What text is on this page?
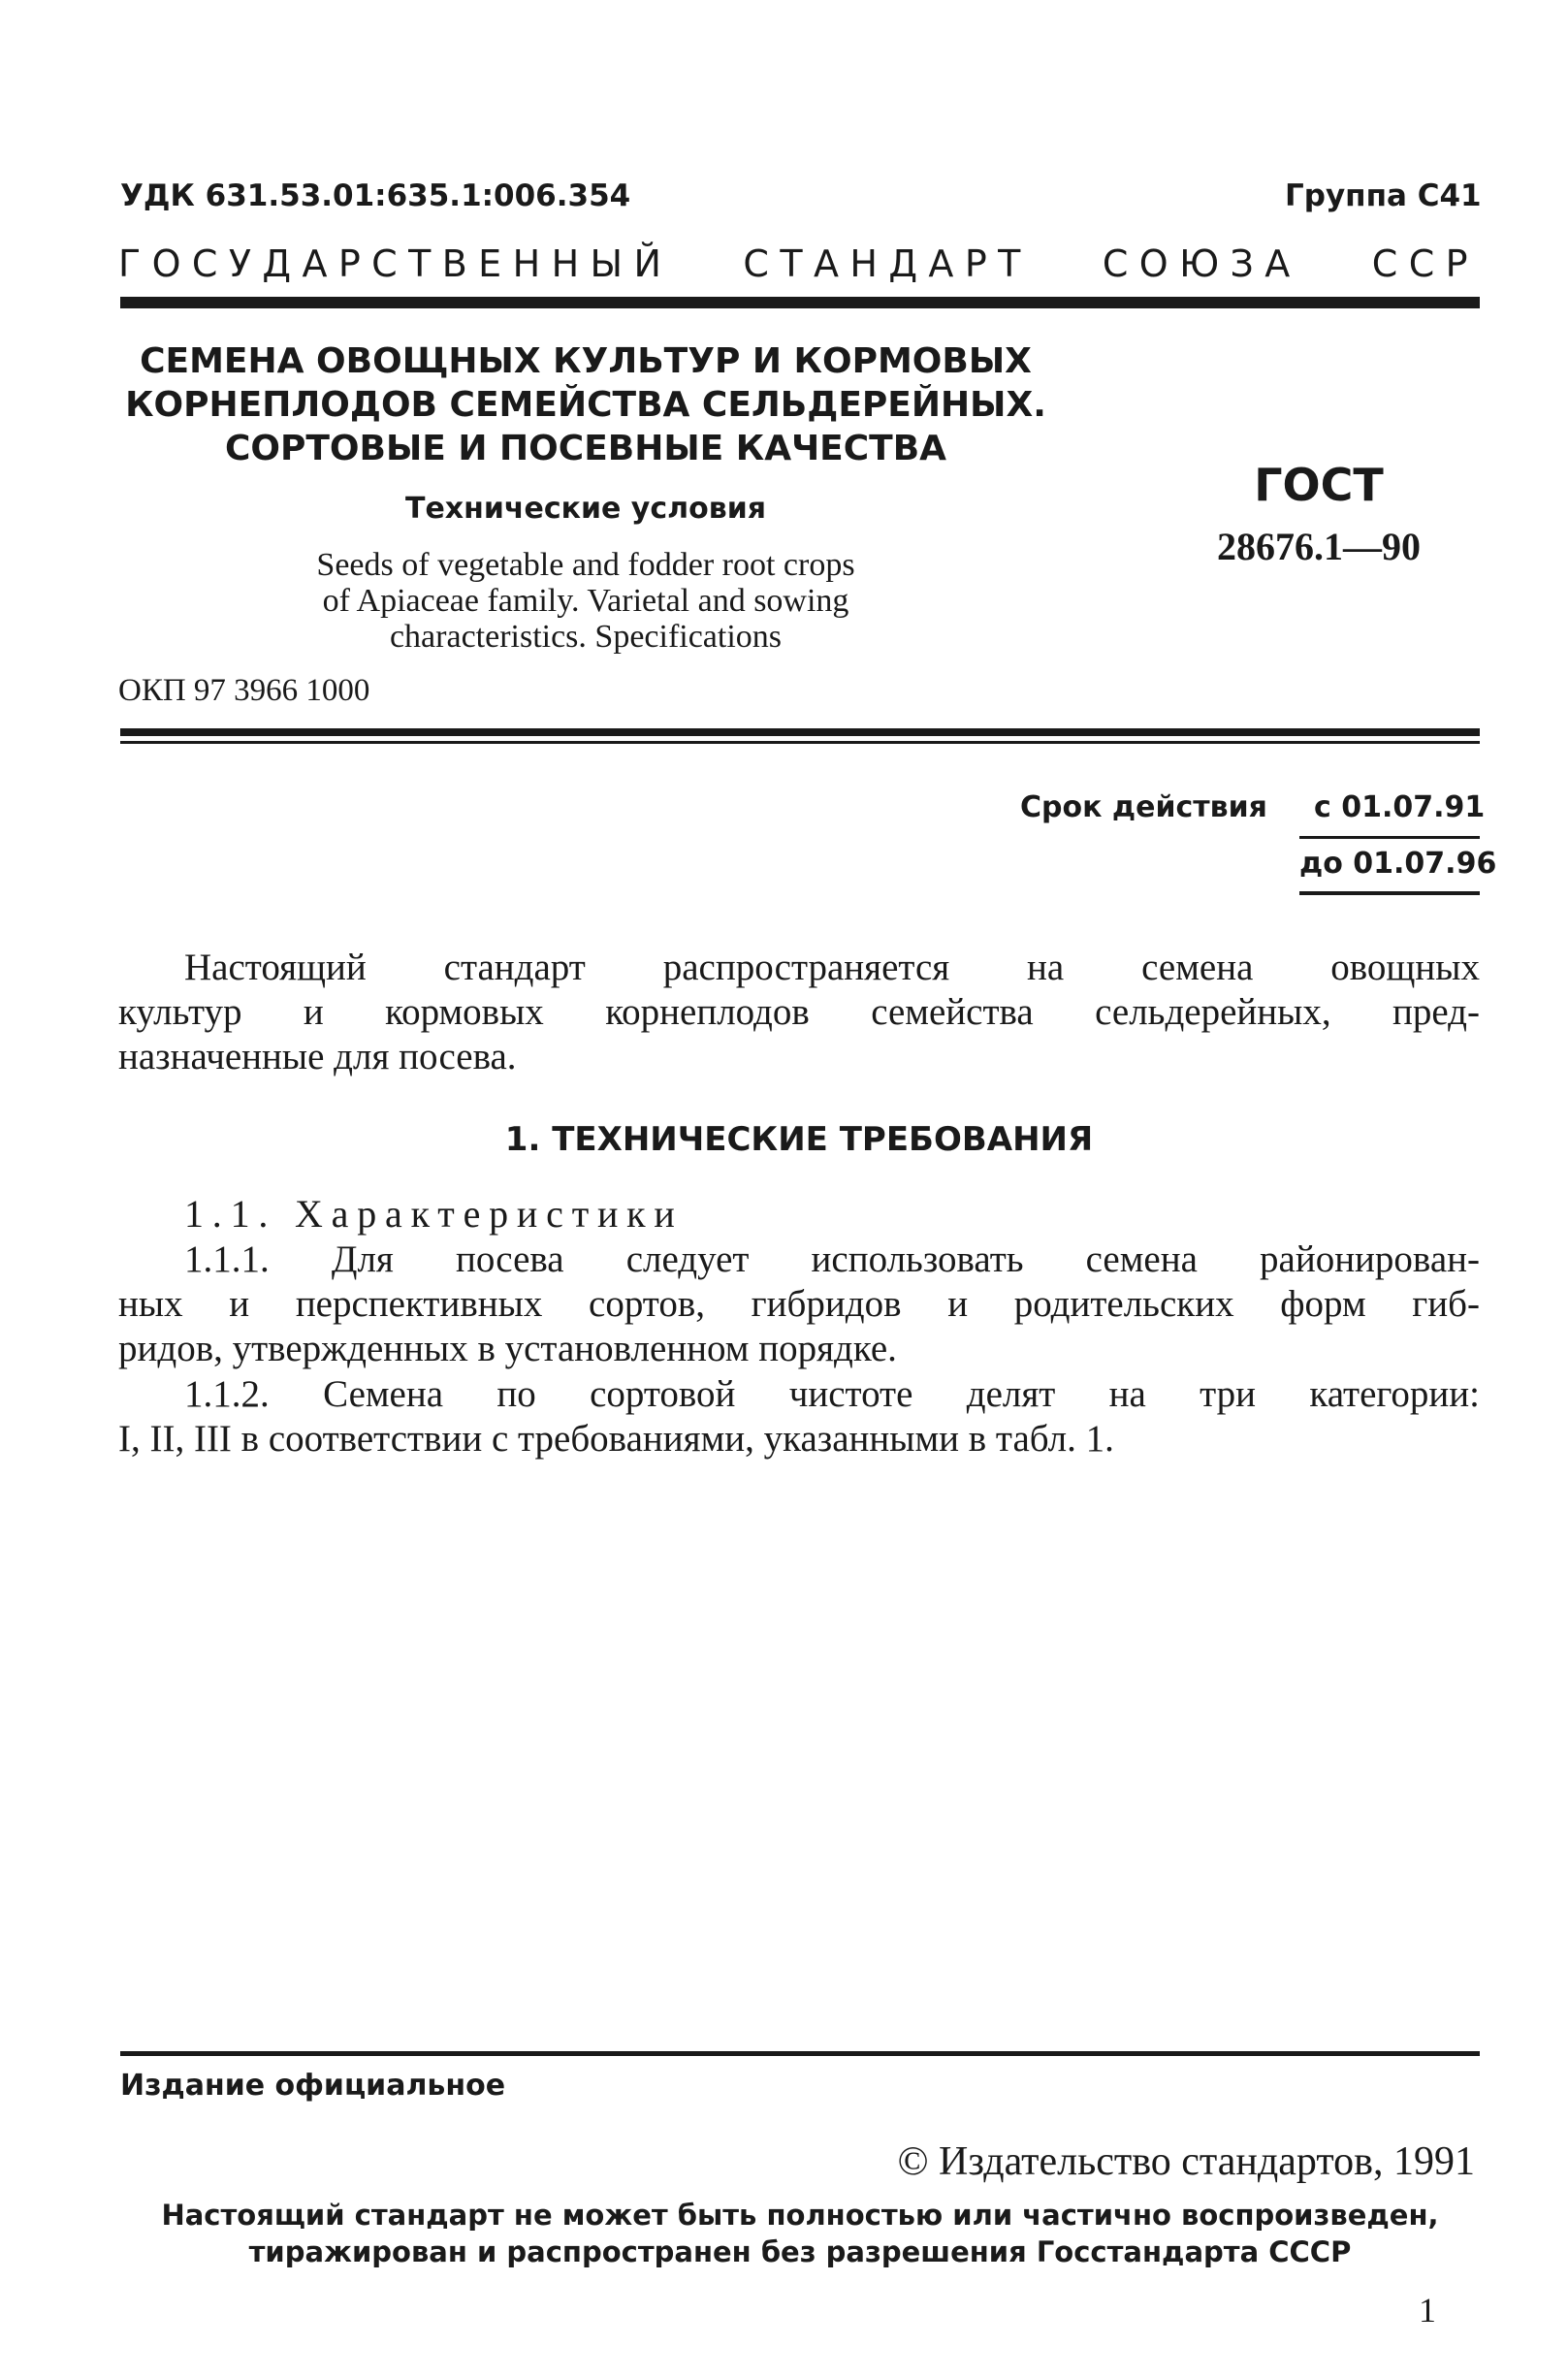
УДК 631.53.01:635.1:006.354	Группа С41
ГОСУДАРСТВЕННЫЙ СТАНДАРТ СОЮЗА ССР
СЕМЕНА ОВОЩНЫХ КУЛЬТУР И КОРМОВЫХ
КОРНЕПЛОДОВ СЕМЕЙСТВА СЕЛЬДЕРЕЙНЫХ.
СОРТОВЫЕ И ПОСЕВНЫЕ КАЧЕСТВА
Технические условия
Seeds of vegetable and fodder root crops
of Apiaceae family. Varietal and sowing
characteristics. Specifications
ОКП 97 3966 1000
ГОСТ
28676.1—90
Срок действия с 01.07.91
до 01.07.96
Настоящий стандарт распространяется на семена овощных
культур и кормовых корнеплодов семейства сельдерейных, пред-
назначенные для посева.
1. ТЕХНИЧЕСКИЕ ТРЕБОВАНИЯ
1.1. Характеристики
1.1.1. Для посева следует использовать семена районирован-
ных и перспективных сортов, гибридов и родительских форм гиб-
ридов, утвержденных в установленном порядке.
1.1.2. Семена по сортовой чистоте делят на три категории:
I, II, III в соответствии с требованиями, указанными в табл. 1.
Издание официальное
© Издательство стандартов, 1991
Настоящий стандарт не может быть полностью или частично воспроизведен,
тиражирован и распространен без разрешения Госстандарта СССР
1
